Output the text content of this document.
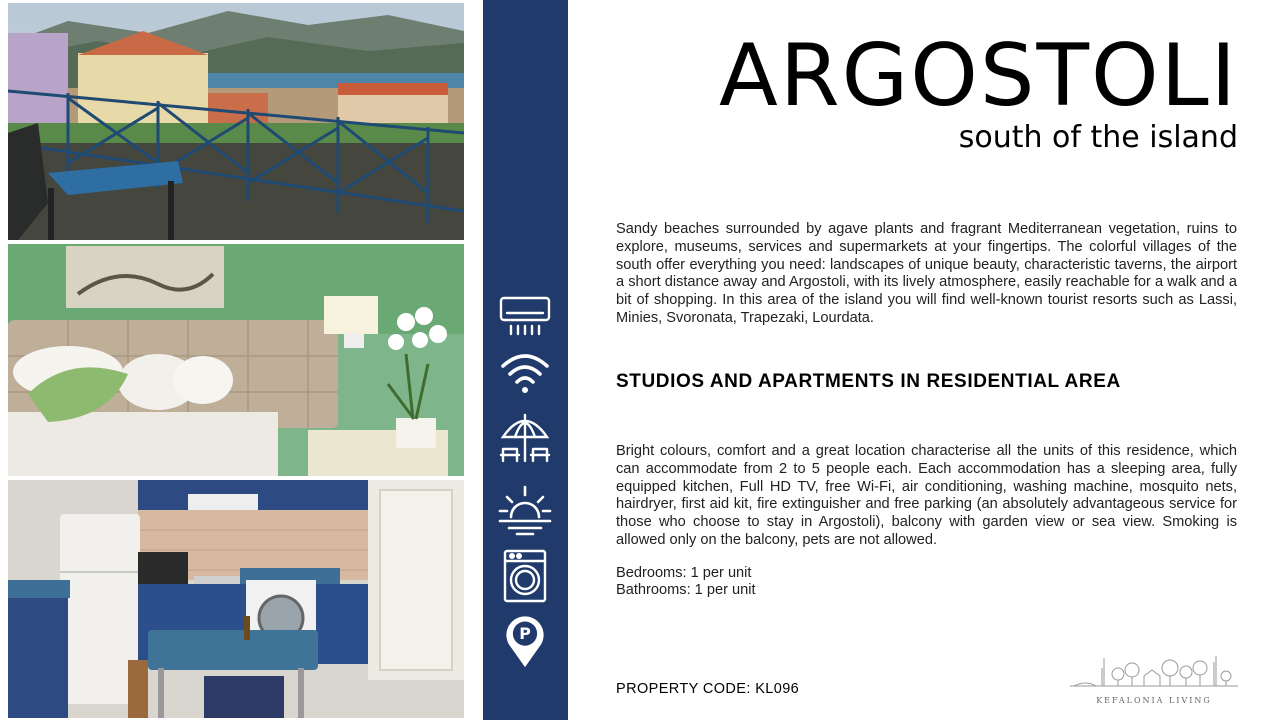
P
ARGOSTOLI
south of the island

Sandy beaches surrounded by agave plants and fragrant Mediterranean vegetation, ruins to explore, museums, services and supermarkets at your fingertips. The colorful villages of the south offer everything you need: landscapes of unique beauty, characteristic taverns, the airport a short distance away and Argostoli, with its lively atmosphere, easily reachable for a walk and a bit of shopping. In this area of the island you will find well-known tourist resorts such as Lassi, Minies, Svoronata, Trapezaki, Lourdata.

STUDIOS AND APARTMENTS IN RESIDENTIAL AREA

Bright colours, comfort and a great location characterise all the units of this residence, which can accommodate from 2 to 5 people each. Each accommodation has a sleeping area, fully equipped kitchen, Full HD TV, free Wi-Fi, air conditioning, washing machine, mosquito nets, hairdryer, first aid kit, fire extinguisher and free parking (an absolutely advantageous service for those who choose to stay in Argostoli), balcony with garden view or sea view. Smoking is allowed only on the balcony, pets are not allowed.

Bedrooms: 1 per unit
Bathrooms: 1 per unit
PROPERTY CODE: KL096
KEFALONIA LIVING
